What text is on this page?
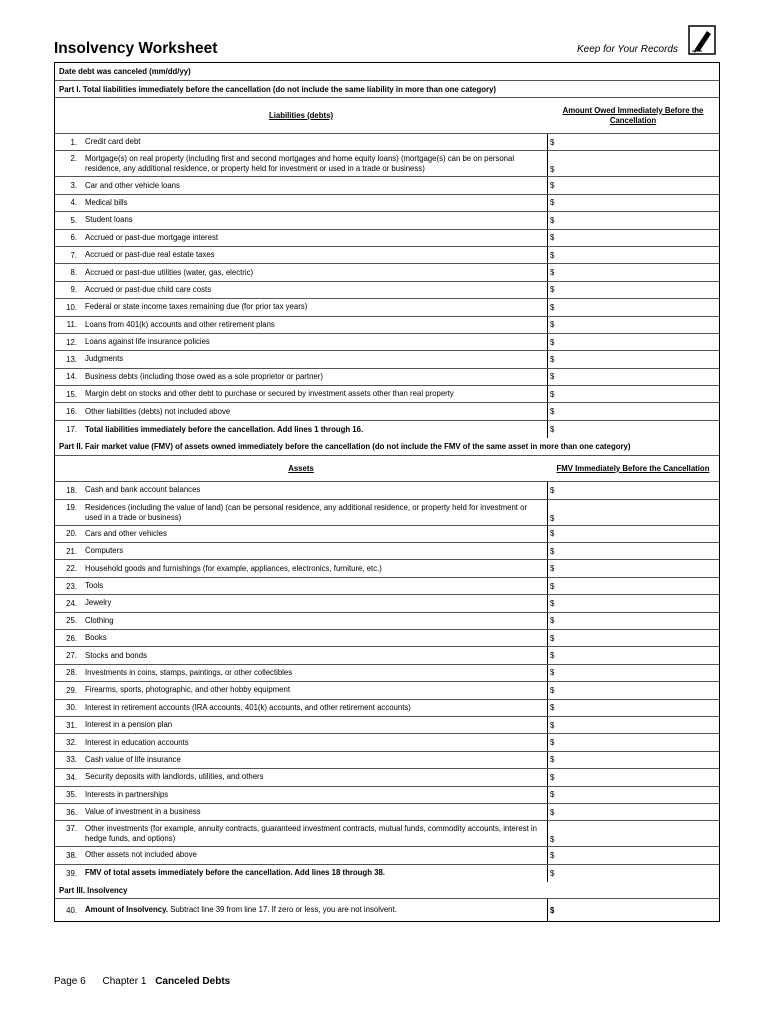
Insolvency Worksheet	Keep for Your Records
Date debt was canceled (mm/dd/yy)
Part I. Total liabilities immediately before the cancellation (do not include the same liability in more than one category)
Liabilities (debts)
Amount Owed Immediately Before the Cancellation
1.	Credit card debt	$
2.	Mortgage(s) on real property (including first and second mortgages and home equity loans) (mortgage(s) can be on personal residence, any additional residence, or property held for investment or used in a trade or business)	$
3.	Car and other vehicle loans	$
4.	Medical bills	$
5.	Student loans	$
6.	Accrued or past-due mortgage interest	$
7.	Accrued or past-due real estate taxes	$
8.	Accrued or past-due utilities (water, gas, electric)	$
9.	Accrued or past-due child care costs	$
10.	Federal or state income taxes remaining due (for prior tax years)	$
11.	Loans from 401(k) accounts and other retirement plans	$
12.	Loans against life insurance policies	$
13.	Judgments	$
14.	Business debts (including those owed as a sole proprietor or partner)	$
15.	Margin debt on stocks and other debt to purchase or secured by investment assets other than real property	$
16.	Other liabilities (debts) not included above	$
17.	Total liabilities immediately before the cancellation. Add lines 1 through 16.	$
Part II. Fair market value (FMV) of assets owned immediately before the cancellation (do not include the FMV of the same asset in more than one category)
Assets	FMV Immediately Before the Cancellation
18.	Cash and bank account balances	$
19.	Residences (including the value of land) (can be personal residence, any additional residence, or property held for investment or used in a trade or business)	$
20.	Cars and other vehicles	$
21.	Computers	$
22.	Household goods and furnishings (for example, appliances, electronics, furniture, etc.)	$
23.	Tools	$
24.	Jewelry	$
25.	Clothing	$
26.	Books	$
27.	Stocks and bonds	$
28.	Investments in coins, stamps, paintings, or other collectibles	$
29.	Firearms, sports, photographic, and other hobby equipment	$
30.	Interest in retirement accounts (IRA accounts, 401(k) accounts, and other retirement accounts)	$
31.	Interest in a pension plan	$
32.	Interest in education accounts	$
33.	Cash value of life insurance	$
34.	Security deposits with landlords, utilities, and others	$
35.	Interests in partnerships	$
36.	Value of investment in a business	$
37.	Other investments (for example, annuity contracts, guaranteed investment contracts, mutual funds, commodity accounts, interest in hedge funds, and options)	$
38.	Other assets not included above	$
39.	FMV of total assets immediately before the cancellation. Add lines 18 through 38.	$
Part III. Insolvency
40.	Amount of Insolvency. Subtract line 39 from line 17. If zero or less, you are not insolvent.	$
Page 6 Chapter 1 Canceled Debts
